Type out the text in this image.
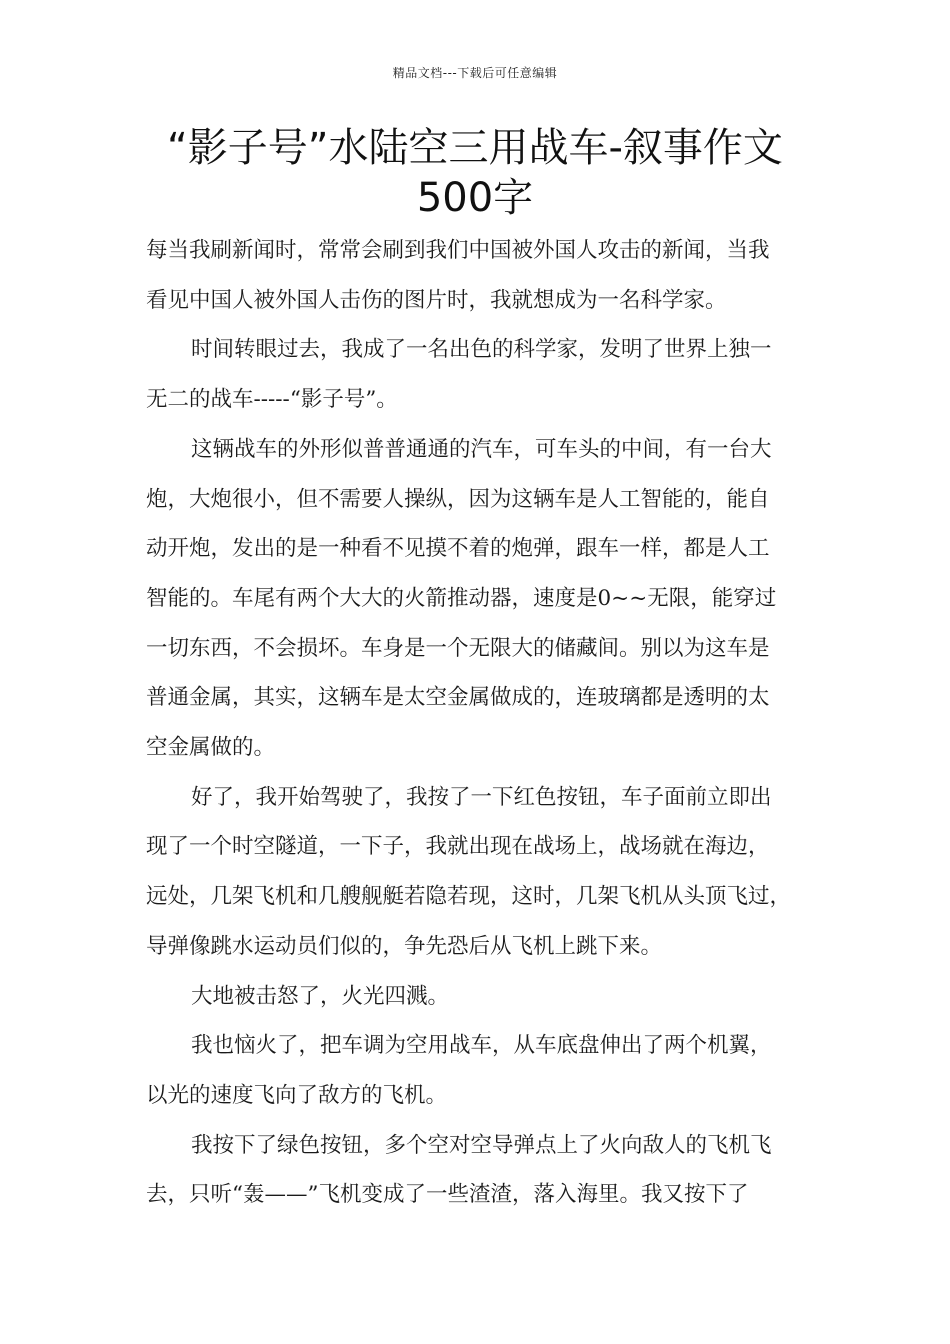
精品文档---下载后可任意编辑
“影子号”水陆空三用战车-叙事作文
500字
每当我刷新闻时，常常会刷到我们中国被外国人攻击的新闻，当我
看见中国人被外国人击伤的图片时，我就想成为一名科学家。
时间转眼过去，我成了一名出色的科学家，发明了世界上独一
无二的战车-----“影子号”。
这辆战车的外形似普普通通的汽车，可车头的中间，有一台大
炮，大炮很小，但不需要人操纵，因为这辆车是人工智能的，能自
动开炮，发出的是一种看不见摸不着的炮弹，跟车一样，都是人工
智能的。车尾有两个大大的火箭推动器，速度是0~~无限，能穿过
一切东西，不会损坏。车身是一个无限大的储藏间。别以为这车是
普通金属，其实，这辆车是太空金属做成的，连玻璃都是透明的太
空金属做的。
好了，我开始驾驶了，我按了一下红色按钮，车子面前立即出
现了一个时空隧道，一下子，我就出现在战场上，战场就在海边，
远处，几架飞机和几艘舰艇若隐若现，这时，几架飞机从头顶飞过，
导弹像跳水运动员们似的，争先恐后从飞机上跳下来。
大地被击怒了，火光四溅。
我也恼火了，把车调为空用战车，从车底盘伸出了两个机翼，
以光的速度飞向了敌方的飞机。
我按下了绿色按钮，多个空对空导弹点上了火向敌人的飞机飞
去，只听“轰——”飞机变成了一些渣渣，落入海里。我又按下了
